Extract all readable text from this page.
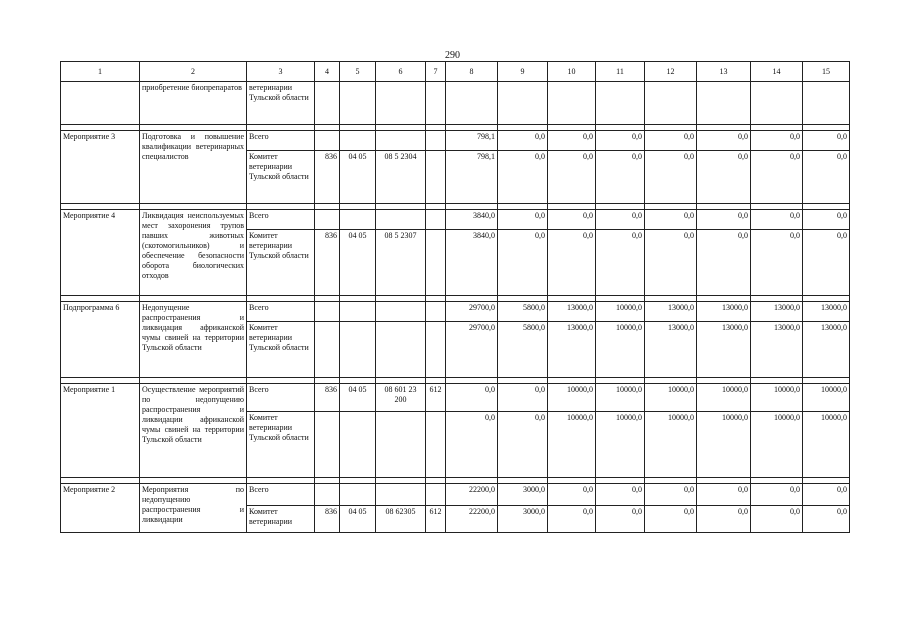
290
1	2	3	4	5	6	7	8	9	10	11	12	13	14	15
	приобретение биопрепаратов	ветеринарии Тульской области												

Мероприятие 3	Подготовка и повышение квалификации ветеринарных специалистов	Всего					798,1	0,0	0,0	0,0	0,0	0,0	0,0	0,0
		Комитет ветеринарии Тульской области	836	04 05	08 5 2304		798,1	0,0	0,0	0,0	0,0	0,0	0,0	0,0

Мероприятие 4	Ликвидация неиспользуемых мест захоронения трупов павших животных (скотомогильников) и обеспечение безопасности оборота биологических отходов	Всего					3840,0	0,0	0,0	0,0	0,0	0,0	0,0	0,0
		Комитет ветеринарии Тульской области	836	04 05	08 5 2307		3840,0	0,0	0,0	0,0	0,0	0,0	0,0	0,0

Подпрограмма 6	Недопущение распространения и ликвидация африканской чумы свиней на территории Тульской области	Всего					29700,0	5800,0	13000,0	10000,0	13000,0	13000,0	13000,0	13000,0
		Комитет ветеринарии Тульской области					29700,0	5800,0	13000,0	10000,0	13000,0	13000,0	13000,0	13000,0

Мероприятие 1	Осуществление мероприятий по недопущению распространения и ликвидации африканской чумы свиней на территории Тульской области	Всего	836	04 05	08 601 23 200	612	0,0	0,0	10000,0	10000,0	10000,0	10000,0	10000,0	10000,0
		Комитет ветеринарии Тульской области					0,0	0,0	10000,0	10000,0	10000,0	10000,0	10000,0	10000,0

Мероприятие 2	Мероприятия по недопущению распространения и ликвидации	Всего					22200,0	3000,0	0,0	0,0	0,0	0,0	0,0	0,0
		Комитет ветеринарии	836	04 05	08 62305	612	22200,0	3000,0	0,0	0,0	0,0	0,0	0,0	0,0
